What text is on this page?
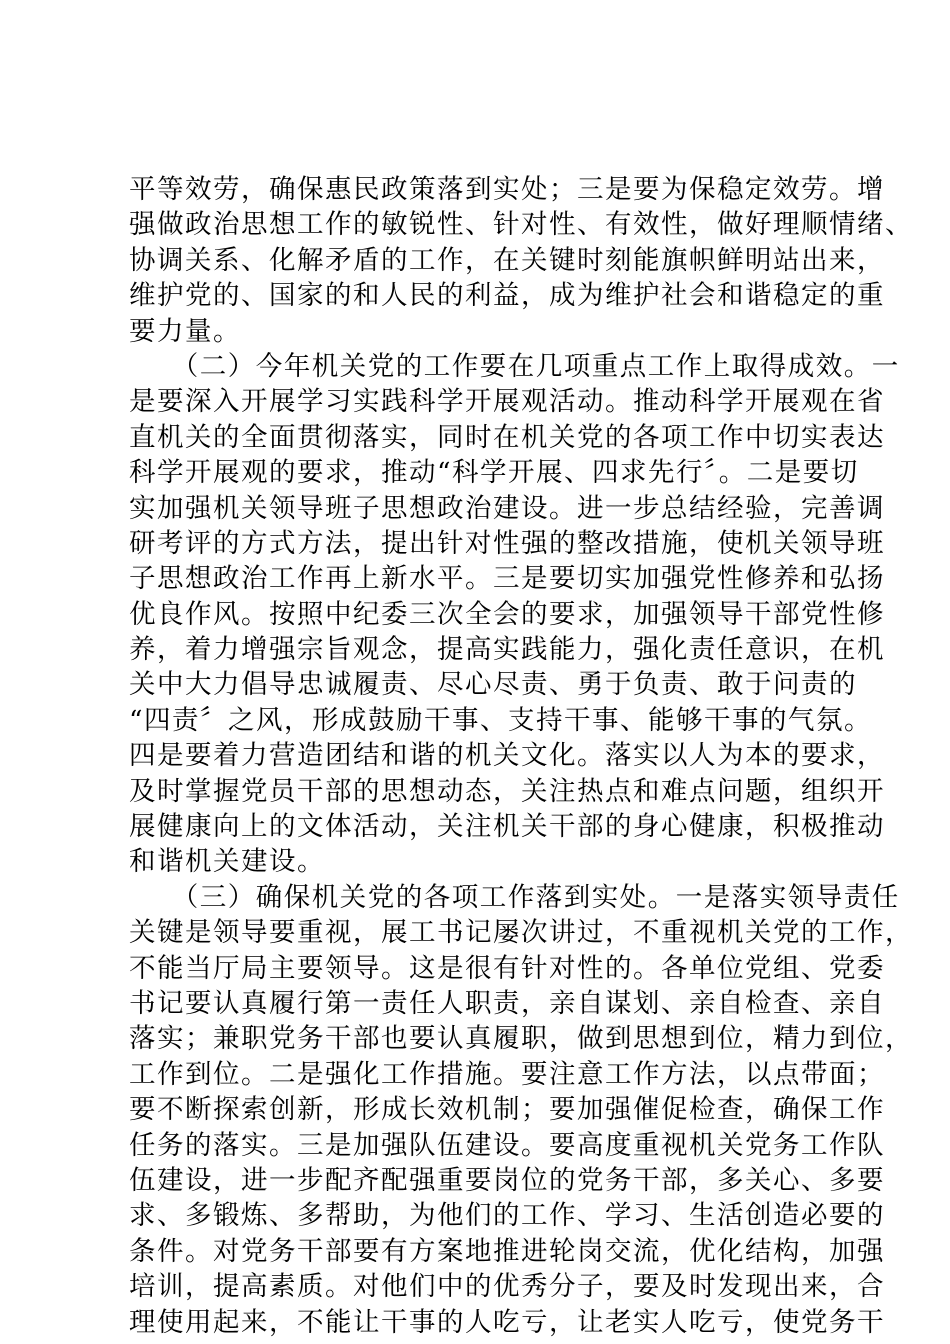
平等效劳，确保惠民政策落到实处；三是要为保稳定效劳。增
强做政治思想工作的敏锐性、针对性、有效性，做好理顺情绪、
协调关系、化解矛盾的工作，在关键时刻能旗帜鲜明站出来，
维护党的、国家的和人民的利益，成为维护社会和谐稳定的重
要力量。
　　（二）今年机关党的工作要在几项重点工作上取得成效。一
是要深入开展学习实践科学开展观活动。推动科学开展观在省
直机关的全面贯彻落实，同时在机关党的各项工作中切实表达
科学开展观的要求，推动“科学开展、四求先行〞。二是要切
实加强机关领导班子思想政治建设。进一步总结经验，完善调
研考评的方式方法，提出针对性强的整改措施，使机关领导班
子思想政治工作再上新水平。三是要切实加强党性修养和弘扬
优良作风。按照中纪委三次全会的要求，加强领导干部党性修
养，着力增强宗旨观念，提高实践能力，强化责任意识，在机
关中大力倡导忠诚履责、尽心尽责、勇于负责、敢于问责的
“四责〞之风，形成鼓励干事、支持干事、能够干事的气氛。
四是要着力营造团结和谐的机关文化。落实以人为本的要求，
及时掌握党员干部的思想动态，关注热点和难点问题，组织开
展健康向上的文体活动，关注机关干部的身心健康，积极推动
和谐机关建设。
　　（三）确保机关党的各项工作落到实处。一是落实领导责任
关键是领导要重视，展工书记屡次讲过，不重视机关党的工作，
不能当厅局主要领导。这是很有针对性的。各单位党组、党委
书记要认真履行第一责任人职责，亲自谋划、亲自检查、亲自
落实；兼职党务干部也要认真履职，做到思想到位，精力到位，
工作到位。二是强化工作措施。要注意工作方法，以点带面；
要不断探索创新，形成长效机制；要加强催促检查，确保工作
任务的落实。三是加强队伍建设。要高度重视机关党务工作队
伍建设，进一步配齐配强重要岗位的党务干部，多关心、多要
求、多锻炼、多帮助，为他们的工作、学习、生活创造必要的
条件。对党务干部要有方案地推进轮岗交流，优化结构，加强
培训，提高素质。对他们中的优秀分子，要及时发现出来，合
理使用起来，不能让干事的人吃亏，让老实人吃亏，使党务干
